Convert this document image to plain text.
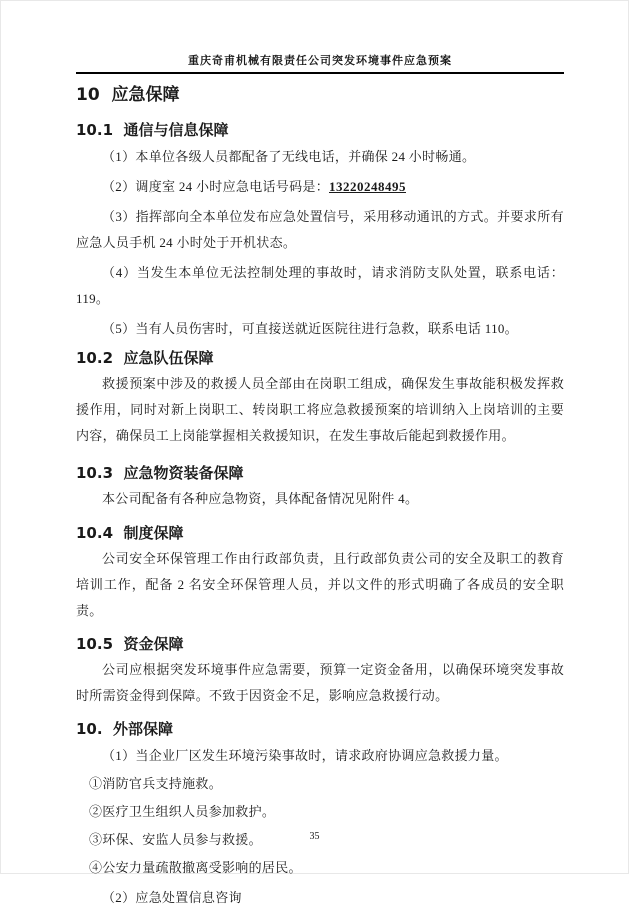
重庆奇甫机械有限责任公司突发环境事件应急预案
10  应急保障
10.1  通信与信息保障

（1）本单位各级人员都配备了无线电话，并确保 24 小时畅通。

（2）调度室 24 小时应急电话号码是：13220248495

（3）指挥部向全本单位发布应急处置信号，采用移动通讯的方式。并要求所有应急人员手机 24 小时处于开机状态。

（4）当发生本单位无法控制处理的事故时，请求消防支队处置，联系电话：119。

（5）当有人员伤害时，可直接送就近医院往进行急救，联系电话 110。

10.2  应急队伍保障

救援预案中涉及的救援人员全部由在岗职工组成，确保发生事故能积极发挥救援作用，同时对新上岗职工、转岗职工将应急救援预案的培训纳入上岗培训的主要内容，确保员工上岗能掌握相关救援知识，在发生事故后能起到救援作用。

10.3  应急物资装备保障

本公司配备有各种应急物资，具体配备情况见附件 4。

10.4  制度保障

公司安全环保管理工作由行政部负责，且行政部负责公司的安全及职工的教育培训工作，配备 2 名安全环保管理人员，并以文件的形式明确了各成员的安全职责。

10.5  资金保障

公司应根据突发环境事件应急需要，预算一定资金备用，以确保环境突发事故时所需资金得到保障。不致于因资金不足，影响应急救援行动。

10.  外部保障

（1）当企业厂区发生环境污染事故时，请求政府协调应急救援力量。

①消防官兵支持施救。

②医疗卫生组织人员参加救护。

③环保、安监人员参与救援。

④公安力量疏散撤离受影响的居民。

（2）应急处置信息咨询

35
